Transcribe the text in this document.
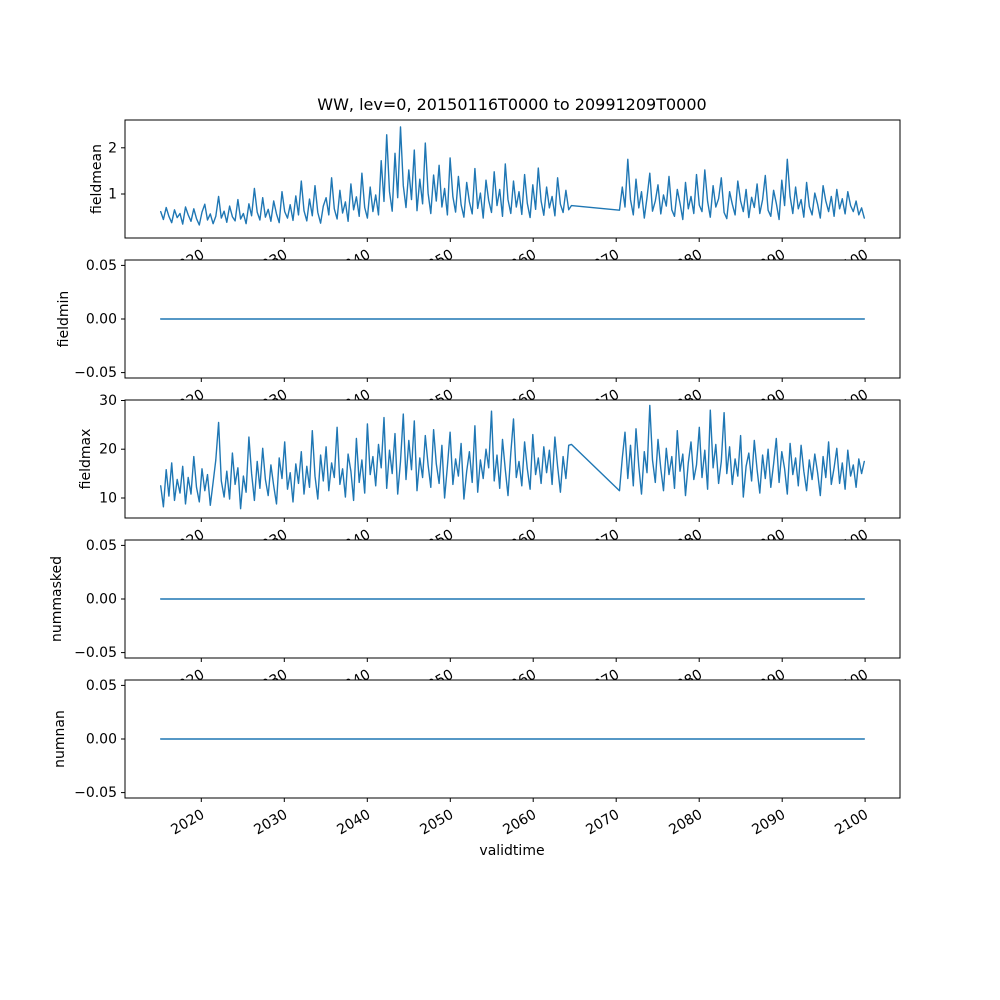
1
2
−0.05
0.00
0.05
10
20
30
−0.05
0.00
0.05
−0.05
0.00
0.05
2020	2030	2040	2050	2060	2070	2080	2090	2100
WW, lev=0, 20150116T0000 to 20991209T0000
fieldmean
fieldmin
fieldmax
nummasked
numnan
validtime
